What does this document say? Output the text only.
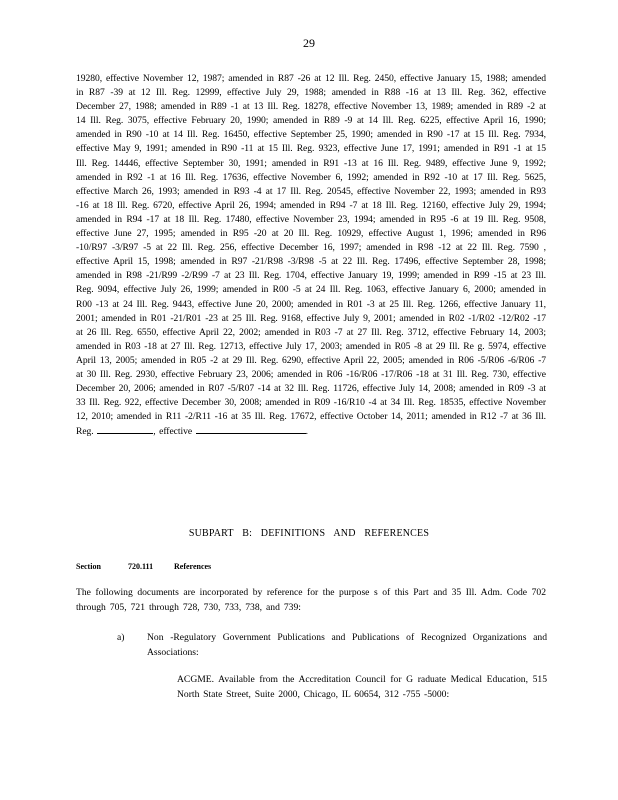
29
19280, effective November 12, 1987; amended in R87 -26 at 12 Ill. Reg. 2450, effective January 15, 1988; amended in R87 -39 at 12 Ill. Reg. 12999, effective July 29, 1988; amended in R88 -16 at 13 Ill. Reg. 362, effective December 27, 1988; amended in R89 -1 at 13 Ill. Reg. 18278, effective November 13, 1989; amended in R89 -2 at 14 Ill. Reg. 3075, effective February 20, 1990; amended in R89 -9 at 14 Ill. Reg. 6225, effective April 16, 1990; amended in R90 -10 at 14 Ill. Reg. 16450, effective September 25, 1990; amended in R90 -17 at 15 Ill. Reg. 7934, effective May 9, 1991; amended in R90 -11 at 15 Ill. Reg. 9323, effective June 17, 1991; amended in R91 -1 at 15 Ill. Reg. 14446, effective September 30, 1991; amended in R91 -13 at 16 Ill. Reg. 9489, effective June 9, 1992; amended in R92 -1 at 16 Ill. Reg. 17636, effective November 6, 1992; amended in R92 -10 at 17 Ill. Reg. 5625, effective March 26, 1993; amended in R93 -4 at 17 Ill. Reg. 20545, effective November 22, 1993; amended in R93 -16 at 18 Ill. Reg. 6720, effective April 26, 1994; amended in R94 -7 at 18 Ill. Reg. 12160, effective July 29, 1994; amended in R94 -17 at 18 Ill. Reg. 17480, effective November 23, 1994; amended in R95 -6 at 19 Ill. Reg. 9508, effective June 27, 1995; amended in R95 -20 at 20 Ill. Reg. 10929, effective August 1, 1996; amended in R96 -10/R97 -3/R97 -5 at 22 Ill. Reg. 256, effective December 16, 1997; amended in R98 -12 at 22 Ill. Reg. 7590 , effective April 15, 1998; amended in R97 -21/R98 -3/R98 -5 at 22 Ill. Reg. 17496, effective September 28, 1998; amended in R98 -21/R99 -2/R99 -7 at 23 Ill. Reg. 1704, effective January 19, 1999; amended in R99 -15 at 23 Ill. Reg. 9094, effective July 26, 1999; amended in R00 -5 at 24 Ill. Reg. 1063, effective January 6, 2000; amended in R00 -13 at 24 Ill. Reg. 9443, effective June 20, 2000; amended in R01 -3 at 25 Ill. Reg. 1266, effective January 11, 2001; amended in R01 -21/R01 -23 at 25 Ill. Reg. 9168, effective July 9, 2001; amended in R02 -1/R02 -12/R02 -17 at 26 Ill. Reg. 6550, effective April 22, 2002; amended in R03 -7 at 27 Ill. Reg. 3712, effective February 14, 2003; amended in R03 -18 at 27 Ill. Reg. 12713, effective July 17, 2003; amended in R05 -8 at 29 Ill. Re g. 5974, effective April 13, 2005; amended in R05 -2 at 29 Ill. Reg. 6290, effective April 22, 2005; amended in R06 -5/R06 -6/R06 -7 at 30 Ill. Reg. 2930, effective February 23, 2006; amended in R06 -16/R06 -17/R06 -18 at 31 Ill. Reg. 730, effective December 20, 2006; amended in R07 -5/R07 -14 at 32 Ill. Reg. 11726, effective July 14, 2008; amended in R09 -3 at 33 Ill. Reg. 922, effective December 30, 2008; amended in R09 -16/R10 -4 at 34 Ill. Reg. 18535, effective November 12, 2010; amended in R11 -2/R11 -16 at 35 Ill. Reg. 17672, effective October 14, 2011; amended in R12 -7 at 36 Ill. Reg.	, effective	.
SUBPART B: DEFINITIONS AND REFERENCES
Section	720.111	References
The following documents are incorporated by reference for the purpose s of this Part and 35 Ill. Adm. Code 702 through 705, 721 through 728, 730, 733, 738, and 739:
a) Non -Regulatory Government Publications and Publications of Recognized Organizations and Associations:
ACGME. Available from the Accreditation Council for G raduate Medical Education, 515 North State Street, Suite 2000, Chicago, IL 60654, 312 -755 -5000:
